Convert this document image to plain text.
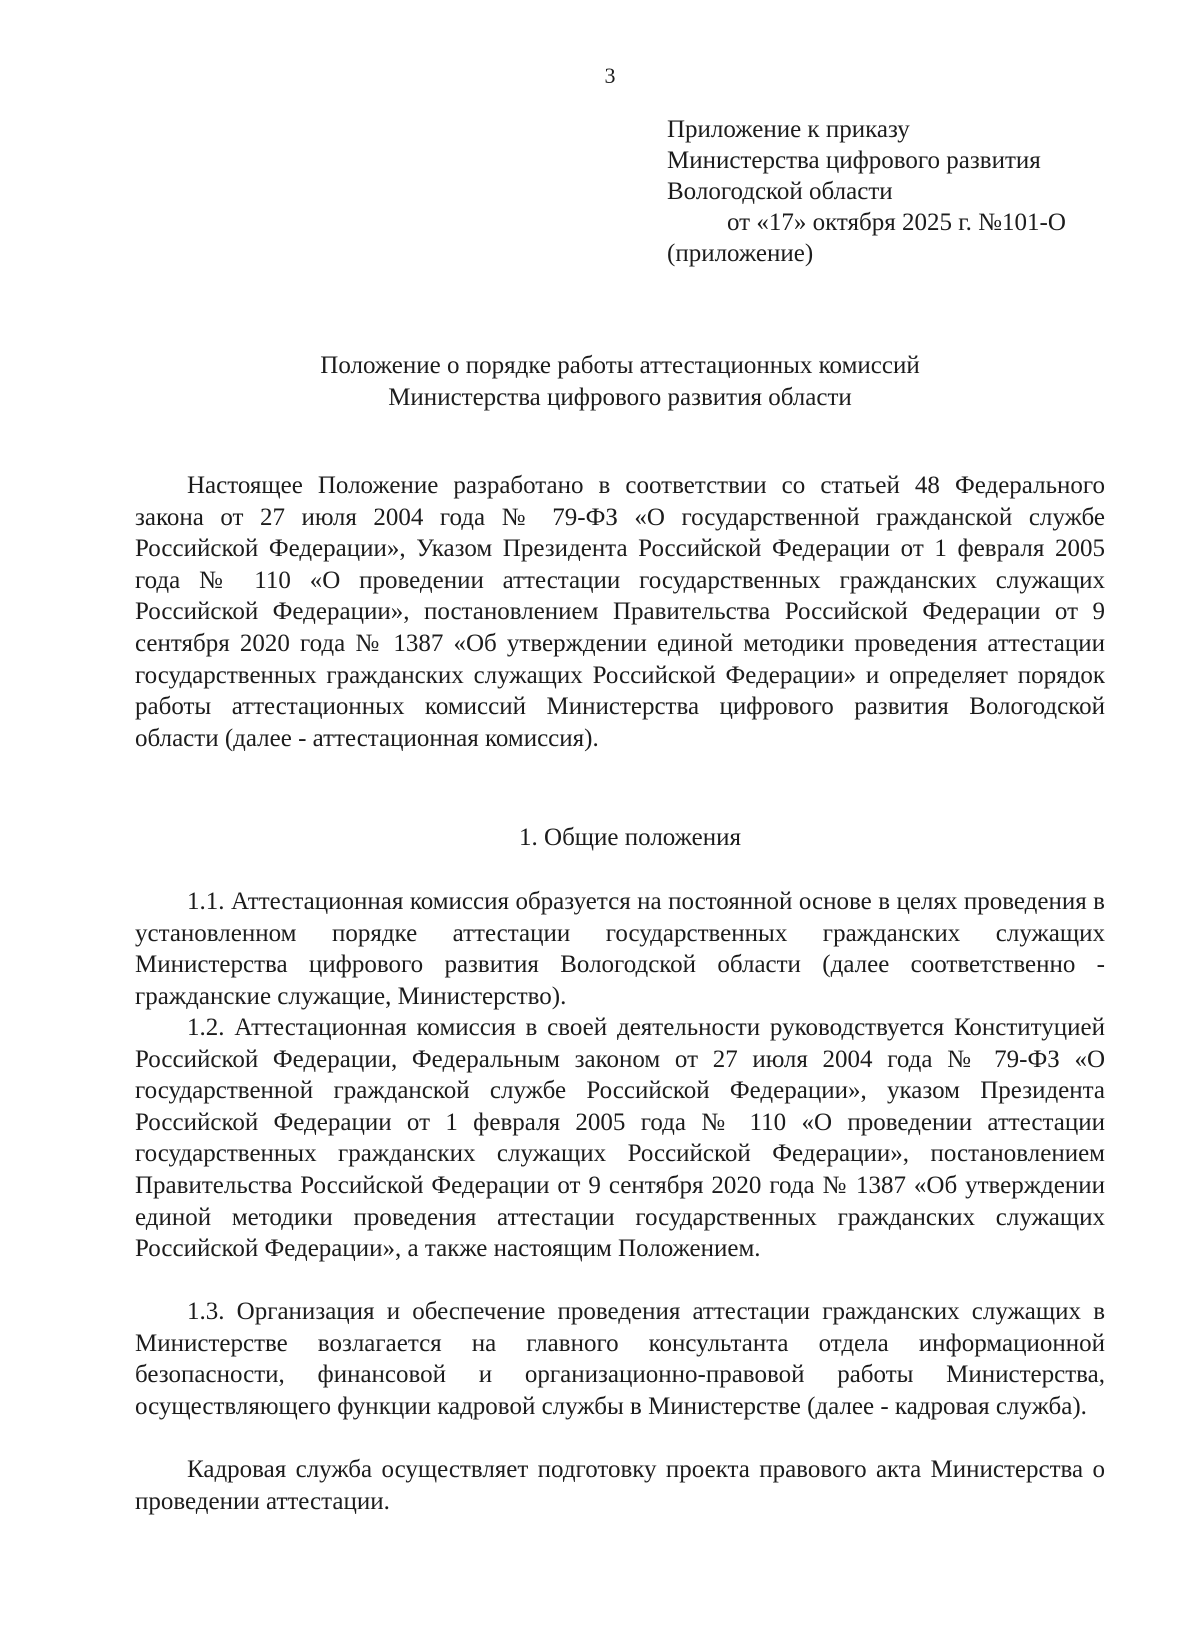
3
Приложение к приказу
Министерства цифрового развития
Вологодской области
от «17» октября 2025 г. №101-О
(приложение)
Положение о порядке работы аттестационных комиссий
Министерства цифрового развития области
Настоящее Положение разработано в соответствии со статьей 48 Федерального закона от 27 июля 2004 года № 79-ФЗ «О государственной гражданской службе Российской Федерации», Указом Президента Российской Федерации от 1 февраля 2005 года № 110 «О проведении аттестации государственных гражданских служащих Российской Федерации», постановлением Правительства Российской Федерации от 9 сентября 2020 года № 1387 «Об утверждении единой методики проведения аттестации государственных гражданских служащих Российской Федерации» и определяет порядок работы аттестационных комиссий Министерства цифрового развития Вологодской области (далее - аттестационная комиссия).
1. Общие положения
1.1. Аттестационная комиссия образуется на постоянной основе в целях проведения в установленном порядке аттестации государственных гражданских служащих Министерства цифрового развития Вологодской области (далее соответственно - гражданские служащие, Министерство).
1.2. Аттестационная комиссия в своей деятельности руководствуется Конституцией Российской Федерации, Федеральным законом от 27 июля 2004 года № 79-ФЗ «О государственной гражданской службе Российской Федерации», указом Президента Российской Федерации от 1 февраля 2005 года № 110 «О проведении аттестации государственных гражданских служащих Российской Федерации», постановлением Правительства Российской Федерации от 9 сентября 2020 года № 1387 «Об утверждении единой методики проведения аттестации государственных гражданских служащих Российской Федерации», а также настоящим Положением.
1.3. Организация и обеспечение проведения аттестации гражданских служащих в Министерстве возлагается на главного консультанта отдела информационной безопасности, финансовой и организационно-правовой работы Министерства, осуществляющего функции кадровой службы в Министерстве (далее - кадровая служба).
Кадровая служба осуществляет подготовку проекта правового акта Министерства о проведении аттестации.
